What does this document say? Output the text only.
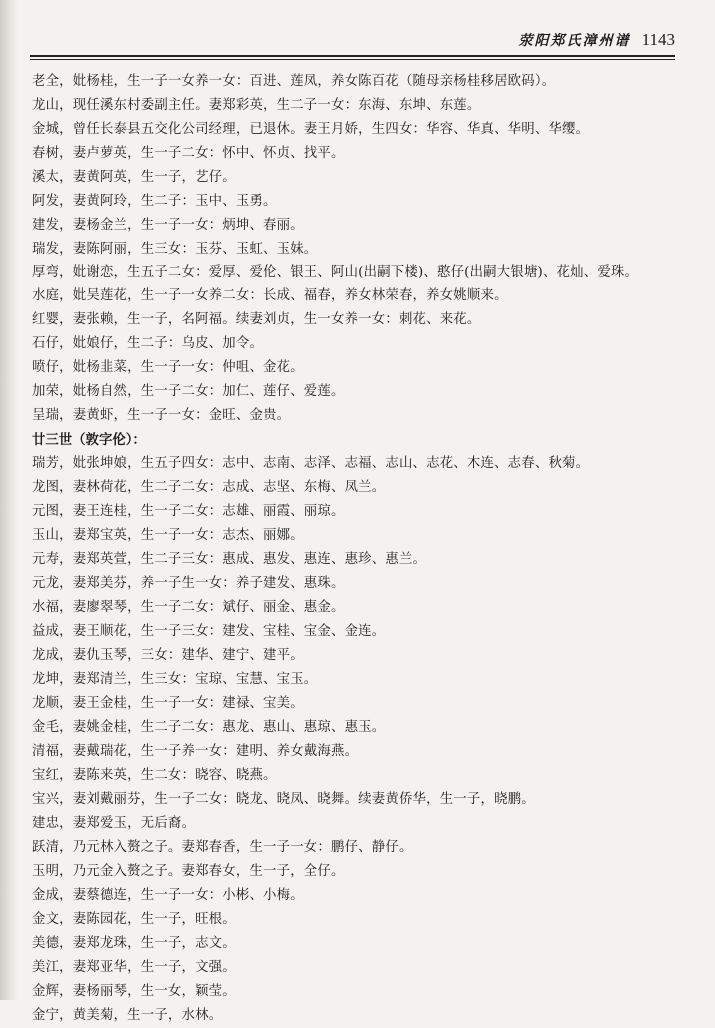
荥阳郑氏漳州谱 1143

老全，妣杨桂，生一子一女养一女：百进、莲凤，养女陈百花（随母亲杨桂移居欧码）。

龙山，现任溪东村委副主任。妻郑彩英，生二子一女：东海、东坤、东莲。

金城，曾任长泰县五交化公司经理，已退休。妻王月娇，生四女：华容、华真、华明、华缨。

春树，妻卢萝英，生一子二女：怀中、怀贞、找平。

溪太，妻黄阿英，生一子，艺仔。

阿发，妻黄阿玲，生二子：玉中、玉勇。

建发，妻杨金兰，生一子一女：炳坤、春丽。

瑞发，妻陈阿丽，生三女：玉芬、玉虹、玉妹。

厚弯，妣谢恋，生五子二女：爱厚、爱伦、银王、阿山(出嗣下楼)、憨仔(出嗣大银塘)、花灿、爱珠。

水庭，妣吴莲花，生一子一女养二女：长成、福春，养女林荣春，养女姚顺来。

红婴，妻张赖，生一子，名阿福。续妻刘贞，生一女养一女：刺花、来花。

石仔，妣娘仔，生二子：乌皮、加令。

喷仔，妣杨韭菜，生一子一女：仲咀、金花。

加荣，妣杨自然，生一子二女：加仁、莲仔、爱莲。

呈瑞，妻黄虾，生一子一女：金旺、金贵。

廿三世（敦字伦）：

瑞芳，妣张坤娘，生五子四女：志中、志南、志泽、志福、志山、志花、木连、志春、秋菊。

龙图，妻林荷花，生二子二女：志成、志坚、东梅、凤兰。

元图，妻王连桂，生一子二女：志雄、丽霞、丽琼。

玉山，妻郑宝英，生一子一女：志杰、丽娜。

元寿，妻郑英萱，生二子三女：惠成、惠发、惠连、惠珍、惠兰。

元龙，妻郑美芬，养一子生一女：养子建发、惠珠。

水福，妻廖翠琴，生一子二女：斌仔、丽金、惠金。

益成，妻王顺花，生一子三女：建发、宝桂、宝金、金连。

龙成，妻仇玉琴，三女：建华、建宁、建平。

龙坤，妻郑清兰，生三女：宝琼、宝慧、宝玉。

龙顺，妻王金桂，生一子一女：建禄、宝美。

金毛，妻姚金桂，生二子二女：惠龙、惠山、惠琼、惠玉。

清福，妻戴瑞花，生一子养一女：建明、养女戴海燕。

宝红，妻陈来英，生二女：晓容、晓燕。

宝兴，妻刘戴丽芬，生一子二女：晓龙、晓凤、晓舞。续妻黄侨华，生一子，晓鹏。

建忠，妻郑爱玉，无后裔。

跃清，乃元林入赘之子。妻郑春香，生一子一女：鹏仔、静仔。

玉明，乃元金入赘之子。妻郑春女，生一子，全仔。

金成，妻蔡德连，生一子一女：小彬、小梅。

金文，妻陈园花，生一子，旺根。

美德，妻郑龙珠，生一子，志文。

美江，妻郑亚华，生一子，文强。

金辉，妻杨丽琴，生一女，颖莹。

金宁，黄美菊，生一子，水林。
